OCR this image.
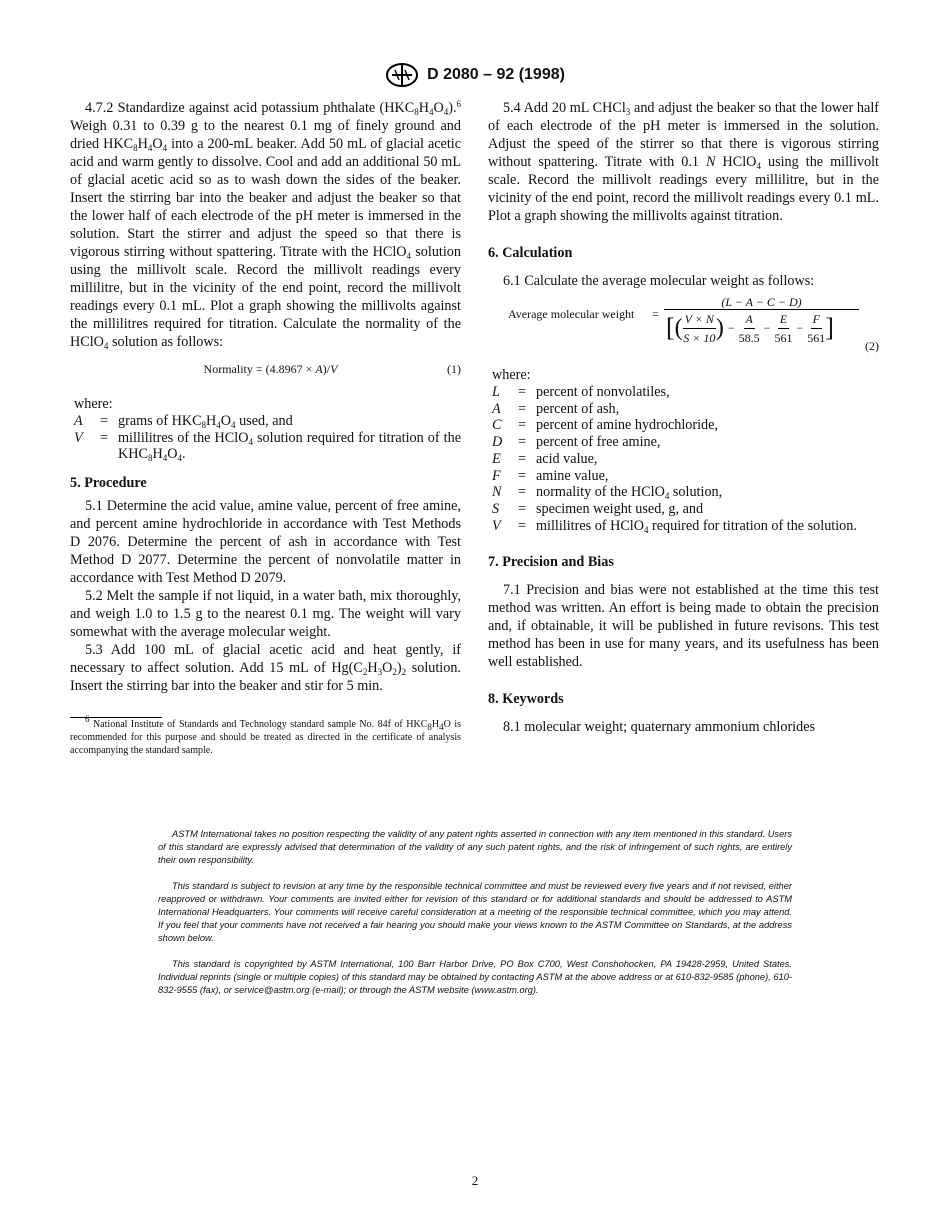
D 2080 – 92 (1998)

4.7.2 Standardize against acid potassium phthalate $(HKC_8H_4O_4).^6$ Weigh 0.31 to 0.39 g to the nearest 0.1 mg of finely ground and dried $HKC_8H_4O_4$ into a 200-mL beaker. Add 50 mL of glacial acetic acid and warm gently to dissolve. Cool and add an additional 50 mL of glacial acetic acid so as to wash down the sides of the beaker. Insert the stirring bar into the beaker and adjust the beaker so that the lower half of each electrode of the pH meter is immersed in the solution. Start the stirrer and adjust the speed so that there is vigorous stirring without spattering. Titrate with the HClO$_4$ solution using the millivolt scale. Record the millivolt readings every millilitre, but in the vicinity of the end point, record the millivolt readings every 0.1 mL. Plot a graph showing the millivolts against the millilitres required for titration. Calculate the normality of the HClO$_4$ solution as follows:

Normality = (4.8967 × A)/V	(1)
where:
A	= grams of $HKC_8H_4O_4$ used, and
V	= millilitres of the HClO$_4$ solution required for titration of the $KHC_8H_4O_4$.

5. Procedure

5.1 Determine the acid value, amine value, percent of free amine, and percent amine hydrochloride in accordance with Test Methods D 2076. Determine the percent of ash in accordance with Test Method D 2077. Determine the percent of nonvolatile matter in accordance with Test Method D 2079.

5.2 Melt the sample if not liquid, in a water bath, mix thoroughly, and weigh 1.0 to 1.5 g to the nearest 0.1 mg. The weight will vary somewhat with the average molecular weight.

5.3 Add 100 mL of glacial acetic acid and heat gently, if necessary to affect solution. Add 15 mL of $Hg(C_2H_3O_2)_2$ solution. Insert the stirring bar into the beaker and stir for 5 min.

$^6$ National Institute of Standards and Technology standard sample No. 84f of $HKC_8H_4O$ is recommended for this purpose and should be treated as directed in the certificate of analysis accompanying the standard sample.

5.4 Add 20 mL CHCl$_3$ and adjust the beaker so that the lower half of each electrode of the pH meter is immersed in the solution. Adjust the speed of the stirrer so that there is vigorous stirring without spattering. Titrate with 0.1 N HClO$_4$ using the millivolt scale. Record the millivolt readings every millilitre, but in the vicinity of the end point, record the millivolt readings every 0.1 mL. Plot a graph showing the millivolts against titration.

6. Calculation

6.1 Calculate the average molecular weight as follows:

Average molecular weight =
(L − A − C − D)
[ ( $\frac{V \times N}{S \times 10}$ ) − $\frac{A}{58.5} - \frac{E}{561} - \frac{F}{561}$ ]
(2)
where:
L	= percent of nonvolatiles,
A	= percent of ash,
C	= percent of amine hydrochloride,
D	= percent of free amine,
E	= acid value,
F	= amine value,
N	= normality of the HClO$_4$ solution,
S	= specimen weight used, g, and
V	= millilitres of HClO$_4$ required for titration of the solution.

7. Precision and Bias

7.1 Precision and bias were not established at the time this test method was written. An effort is being made to obtain the precision and, if obtainable, it will be published in future revisons. This test method has been in use for many years, and its usefulness has been well established.

8. Keywords

8.1 molecular weight; quaternary ammonium chlorides

ASTM International takes no position respecting the validity of any patent rights asserted in connection with any item mentioned in this standard. Users of this standard are expressly advised that determination of the validity of any such patent rights, and the risk of infringement of such rights, are entirely their own responsibility.

This standard is subject to revision at any time by the responsible technical committee and must be reviewed every five years and if not revised, either reapproved or withdrawn. Your comments are invited either for revision of this standard or for additional standards and should be addressed to ASTM International Headquarters. Your comments will receive careful consideration at a meeting of the responsible technical committee, which you may attend. If you feel that your comments have not received a fair hearing you should make your views known to the ASTM Committee on Standards, at the address shown below.

This standard is copyrighted by ASTM International, 100 Barr Harbor Drive, PO Box C700, West Conshohocken, PA 19428-2959, United States. Individual reprints (single or multiple copies) of this standard may be obtained by contacting ASTM at the above address or at 610-832-9585 (phone), 610-832-9555 (fax), or service@astm.org (e-mail); or through the ASTM website (www.astm.org).

2
